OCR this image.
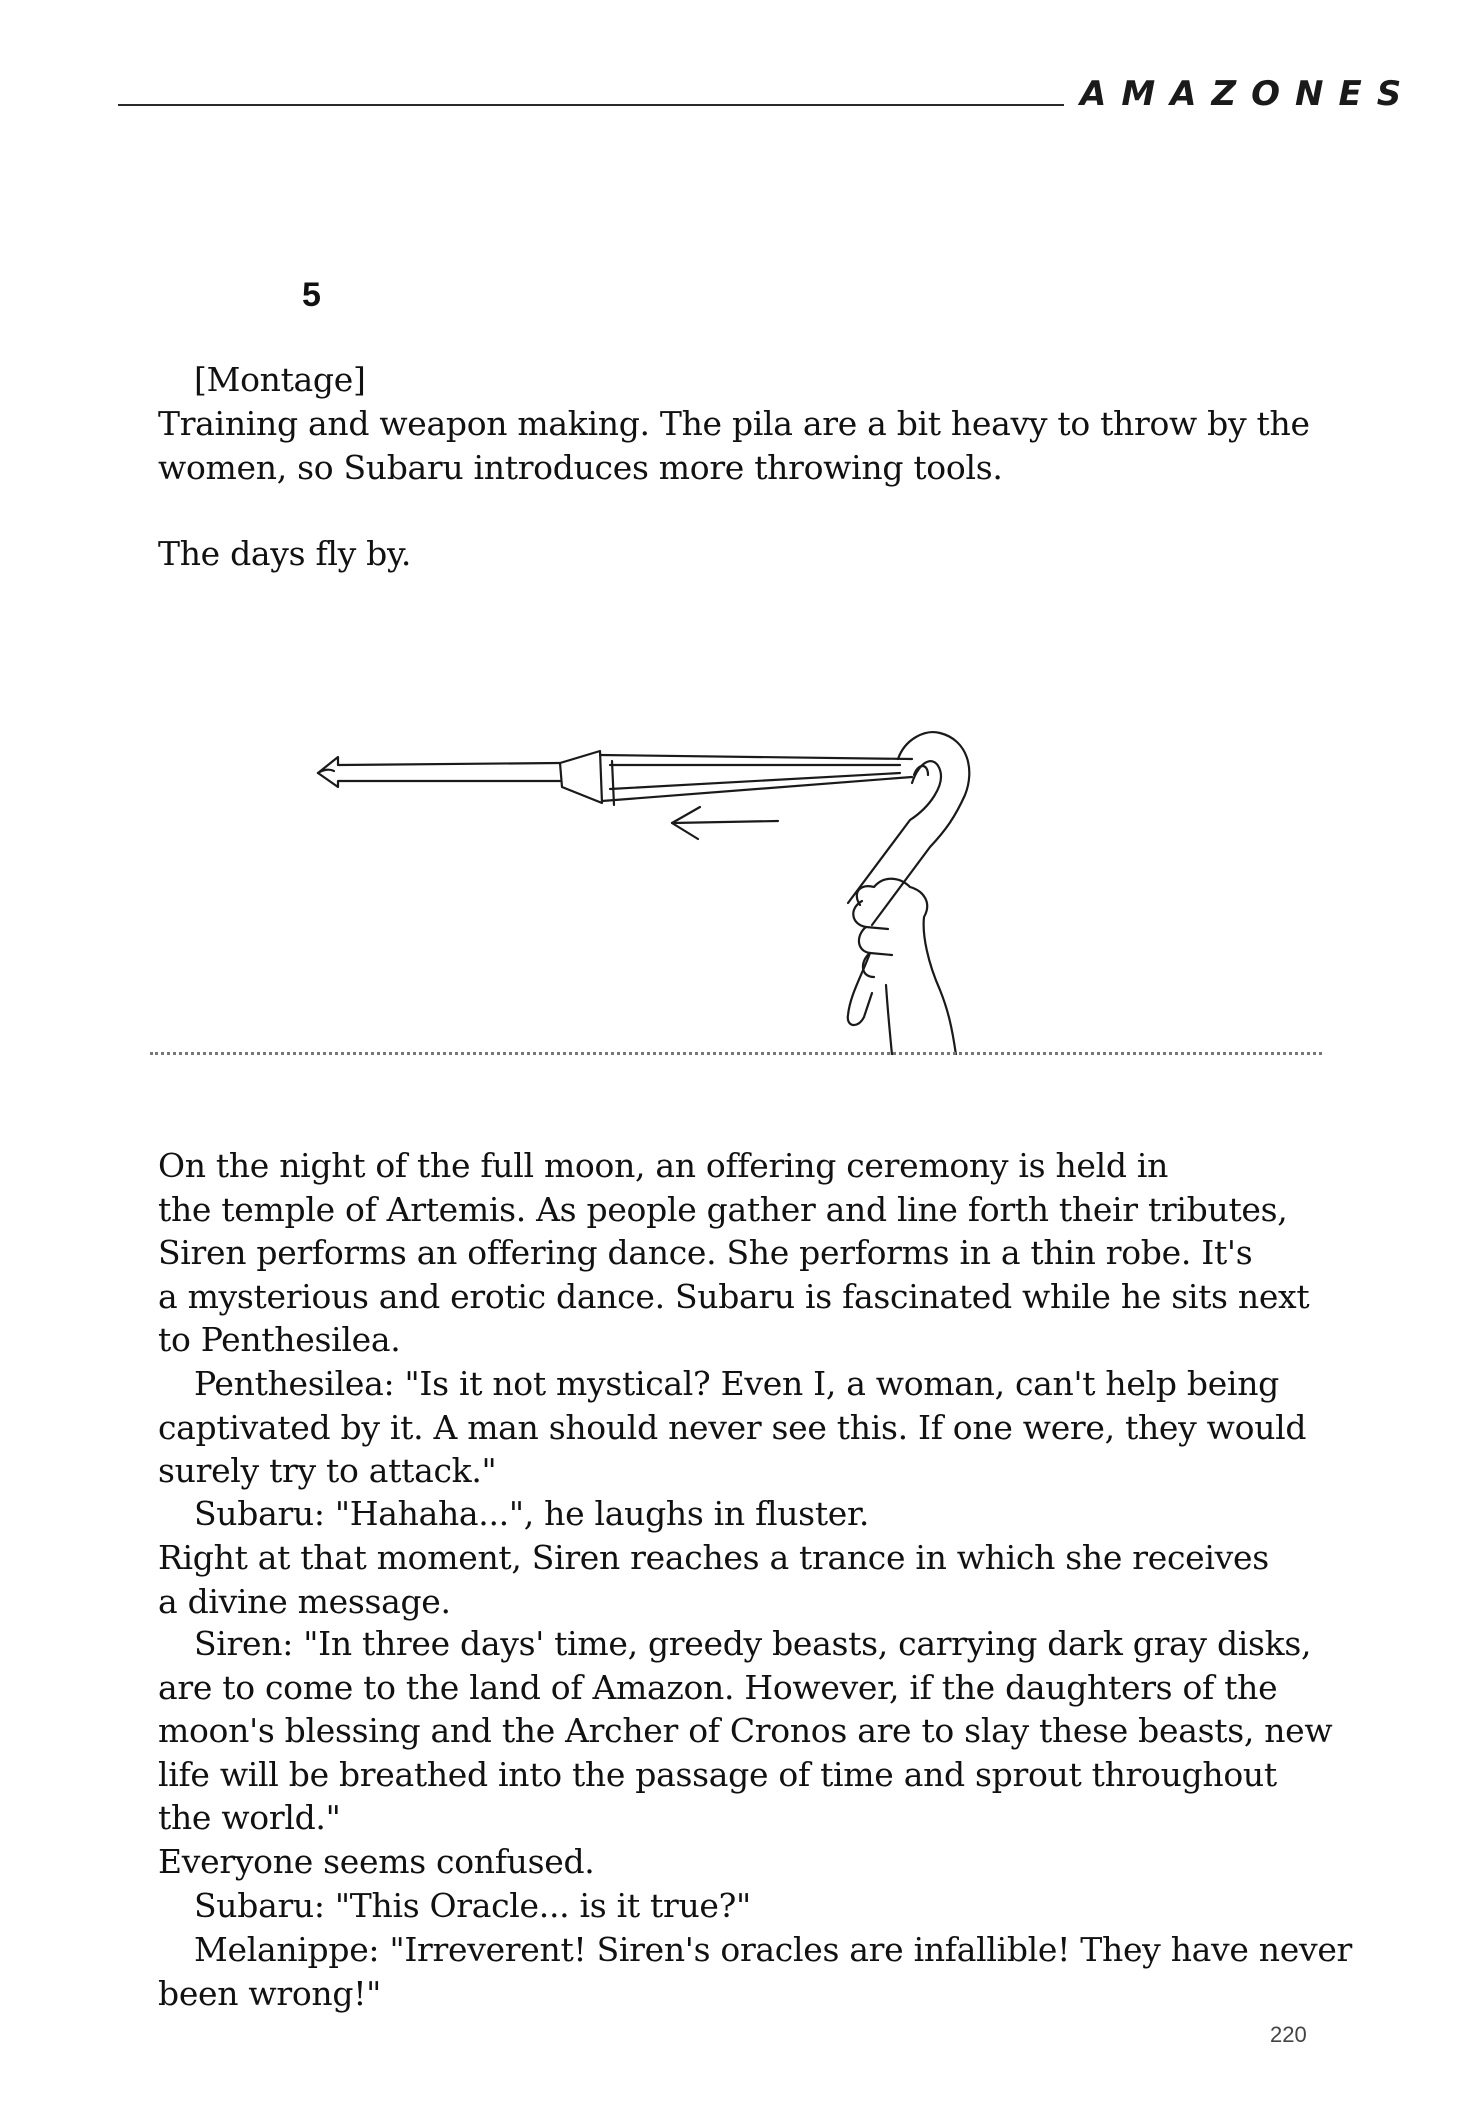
AMAZONES
5

[Montage]

Training and weapon making. The pila are a bit heavy to throw by the
women, so Subaru introduces more throwing tools.

The days fly by.

On the night of the full moon, an offering ceremony is held in
the temple of Artemis. As people gather and line forth their tributes,
Siren performs an offering dance. She performs in a thin robe. It's
a mysterious and erotic dance. Subaru is fascinated while he sits next
to Penthesilea.

Penthesilea: "Is it not mystical? Even I, a woman, can't help being
captivated by it. A man should never see this. If one were, they would
surely try to attack."

Subaru: "Hahaha...", he laughs in fluster.

Right at that moment, Siren reaches a trance in which she receives
a divine message.

Siren: "In three days' time, greedy beasts, carrying dark gray disks,
are to come to the land of Amazon. However, if the daughters of the
moon's blessing and the Archer of Cronos are to slay these beasts, new
life will be breathed into the passage of time and sprout throughout
the world."

Everyone seems confused.

Subaru: "This Oracle... is it true?"

Melanippe: "Irreverent! Siren's oracles are infallible! They have never
been wrong!"

220
